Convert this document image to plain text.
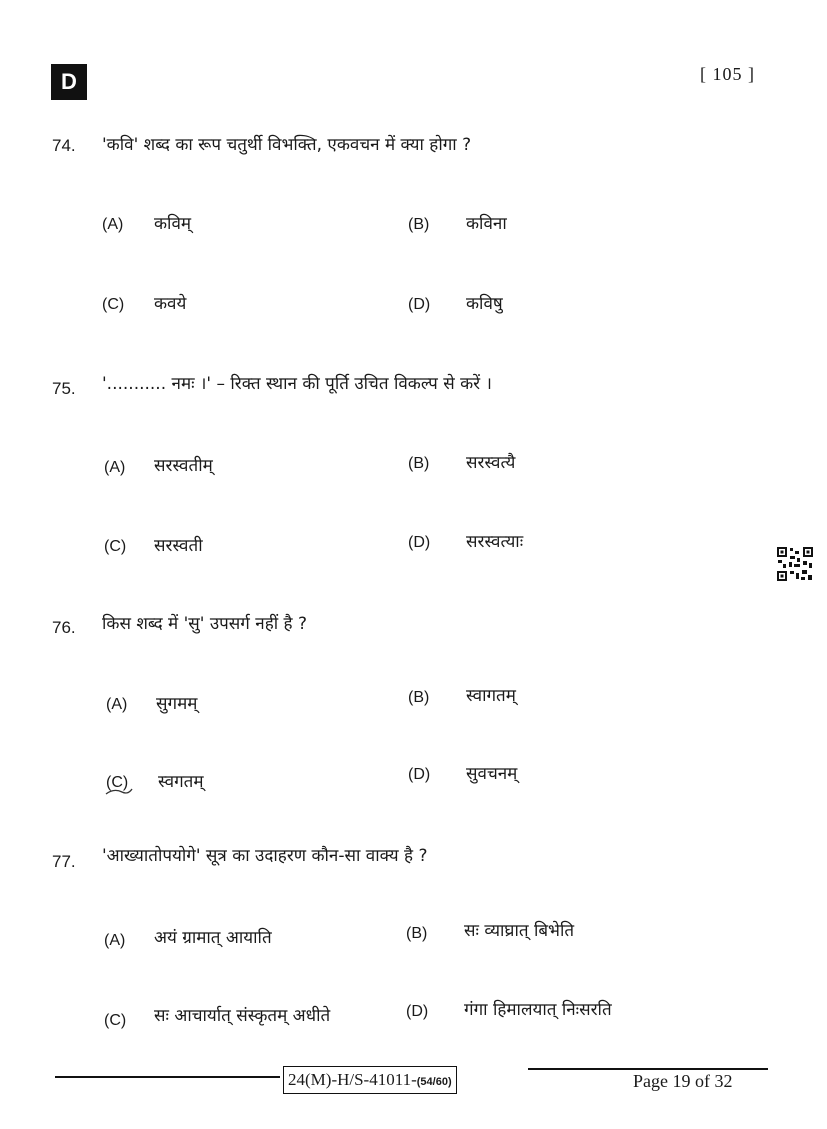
D	[ 105 ]
74. 'कवि' शब्द का रूप चतुर्थी विभक्ति, एकवचन में क्या होगा ?
(A) कविम्	(B) कविना
(C) कवये	(D) कविषु
75. '........... नमः ।' – रिक्त स्थान की पूर्ति उचित विकल्प से करें ।
(A) सरस्वतीम्	(B) सरस्वत्यै
(C) सरस्वती	(D) सरस्वत्याः
76. किस शब्द में 'सु' उपसर्ग नहीं है ?
(A) सुगमम्	(B) स्वागतम्
(C) स्वगतम्	(D) सुवचनम्
77. 'आख्यातोपयोगे' सूत्र का उदाहरण कौन-सा वाक्य है ?
(A) अयं ग्रामात् आयाति	(B) सः व्याघ्रात् बिभेति
(C) सः आचार्यात् संस्कृतम् अधीते	(D) गंगा हिमालयात् निःसरति
24(M)-H/S-41011-(54/60)	Page 19 of 32
